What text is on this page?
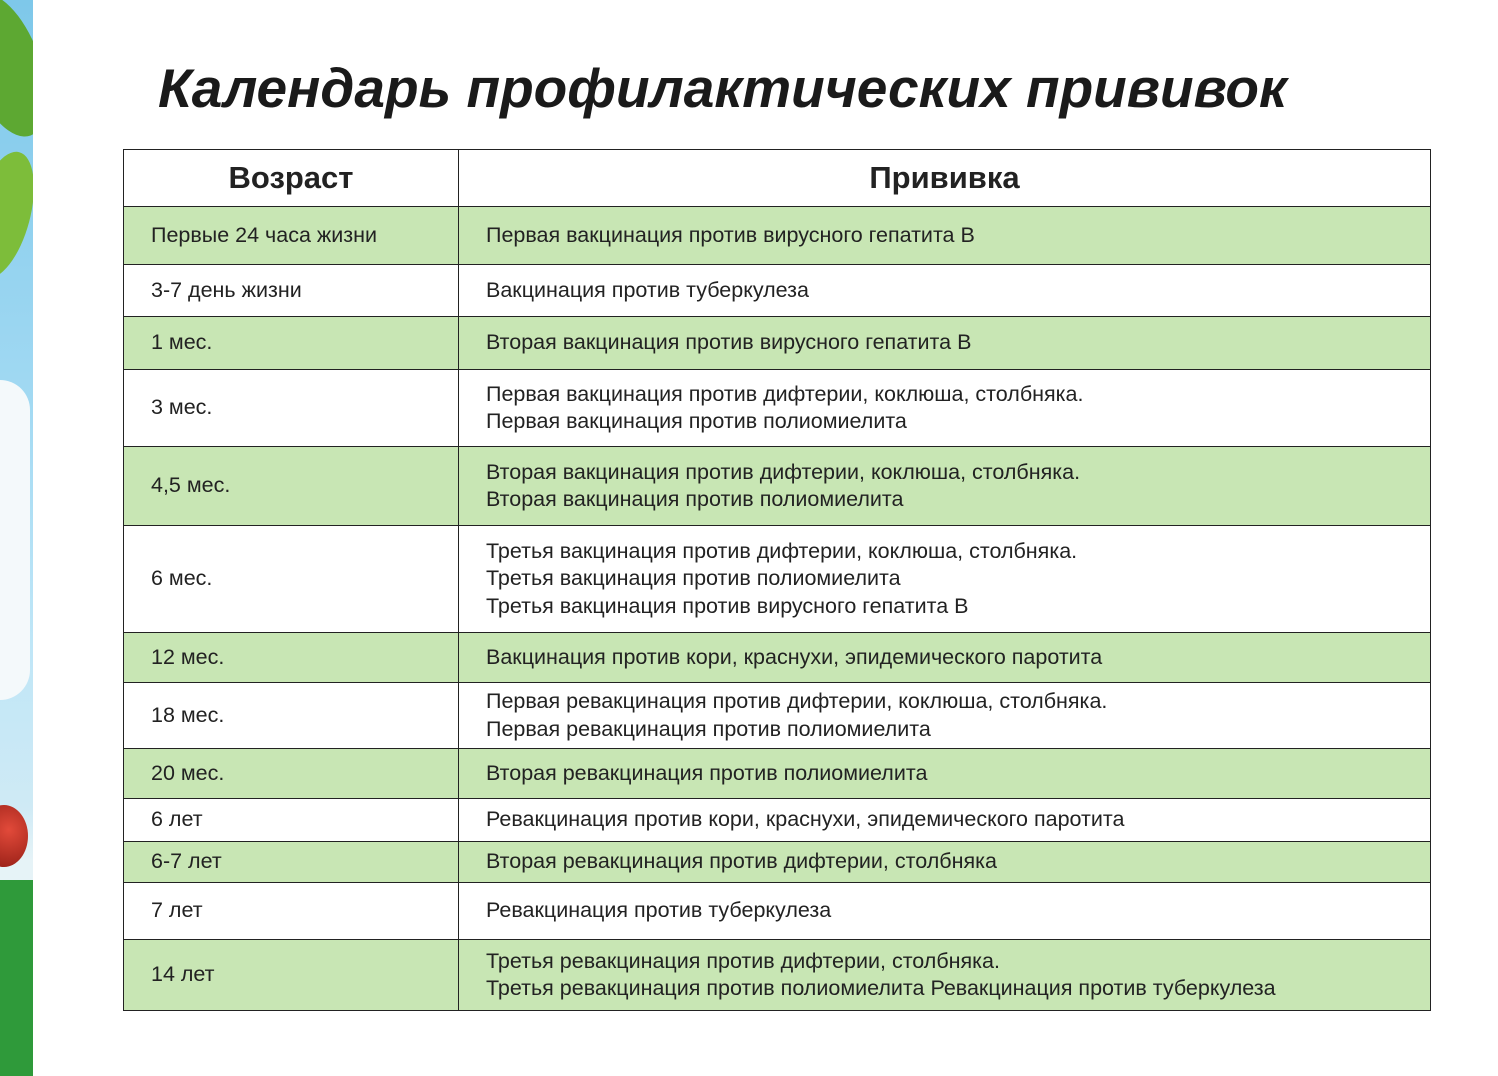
Календарь профилактических прививок
Возраст	Прививка
Первые 24 часа жизни	Первая вакцинация против вирусного гепатита В
3-7 день жизни	Вакцинация против туберкулеза
1 мес.	Вторая вакцинация против вирусного гепатита В
3 мес.	Первая вакцинация против дифтерии, коклюша, столбняка.
Первая вакцинация против полиомиелита
4,5 мес.	Вторая вакцинация против дифтерии, коклюша, столбняка.
Вторая вакцинация против полиомиелита
6 мес.	Третья вакцинация против дифтерии, коклюша, столбняка.
Третья вакцинация против полиомиелита
Третья вакцинация против вирусного гепатита В
12 мес.	Вакцинация против кори, краснухи, эпидемического паротита
18 мес.	Первая ревакцинация против дифтерии, коклюша, столбняка.
Первая ревакцинация против полиомиелита
20 мес.	Вторая ревакцинация против полиомиелита
6 лет	Ревакцинация против кори, краснухи, эпидемического паротита
6-7 лет	Вторая ревакцинация против дифтерии, столбняка
7 лет	Ревакцинация против туберкулеза
14 лет	Третья ревакцинация против дифтерии, столбняка.
Третья ревакцинация против полиомиелита Ревакцинация против туберкулеза
